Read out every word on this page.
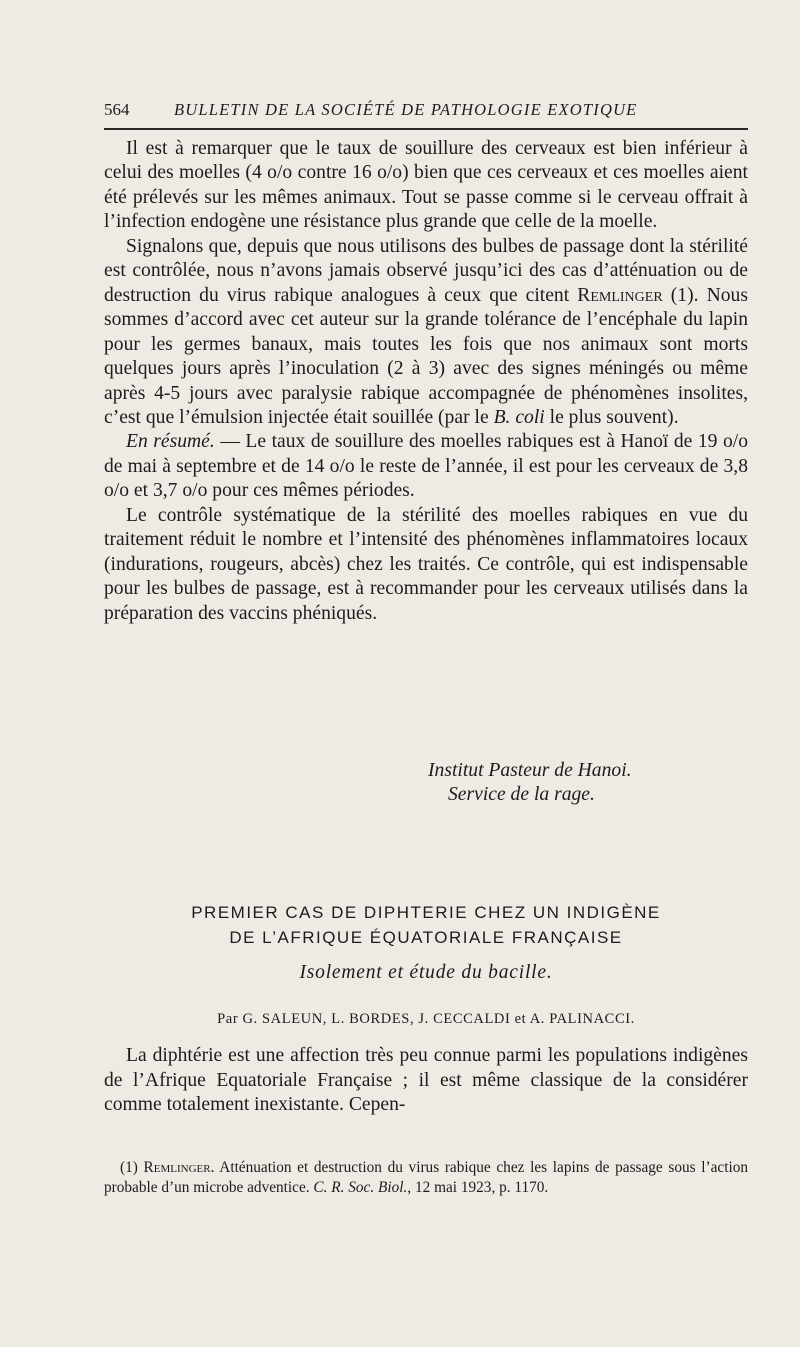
564	BULLETIN DE LA SOCIÉTÉ DE PATHOLOGIE EXOTIQUE

Il est à remarquer que le taux de souillure des cerveaux est bien inférieur à celui des moelles (4 o/o contre 16 o/o) bien que ces cerveaux et ces moelles aient été prélevés sur les mêmes animaux. Tout se passe comme si le cerveau offrait à l’infection endogène une résistance plus grande que celle de la moelle.

Signalons que, depuis que nous utilisons des bulbes de passage dont la stérilité est contrôlée, nous n’avons jamais observé jusqu’ici des cas d’atténuation ou de destruction du virus rabique analogues à ceux que citent Remlinger (1). Nous sommes d’accord avec cet auteur sur la grande tolérance de l’encéphale du lapin pour les germes banaux, mais toutes les fois que nos animaux sont morts quelques jours après l’inoculation (2 à 3) avec des signes méningés ou même après 4-5 jours avec paralysie rabique accompagnée de phénomènes insolites, c’est que l’émulsion injectée était souillée (par le B. coli le plus souvent).

En résumé. — Le taux de souillure des moelles rabiques est à Hanoï de 19 o/o de mai à septembre et de 14 o/o le reste de l’année, il est pour les cerveaux de 3,8 o/o et 3,7 o/o pour ces mêmes périodes.

Le contrôle systématique de la stérilité des moelles rabiques en vue du traitement réduit le nombre et l’intensité des phénomènes inflammatoires locaux (indurations, rougeurs, abcès) chez les traités. Ce contrôle, qui est indispensable pour les bulbes de passage, est à recommander pour les cerveaux utilisés dans la préparation des vaccins phéniqués.

Institut Pasteur de Hanoi.
Service de la rage.
PREMIER CAS DE DIPHTERIE CHEZ UN INDIGÈNE
DE L’AFRIQUE ÉQUATORIALE FRANÇAISE
Isolement et étude du bacille.
Par G. SALEUN, L. BORDES, J. CECCALDI et A. PALINACCI.

La diphtérie est une affection très peu connue parmi les populations indigènes de l’Afrique Equatoriale Française ; il est même classique de la considérer comme totalement inexistante. Cepen-

(1) Remlinger. Atténuation et destruction du virus rabique chez les lapins de passage sous l’action probable d’un microbe adventice. C. R. Soc. Biol., 12 mai 1923, p. 1170.
